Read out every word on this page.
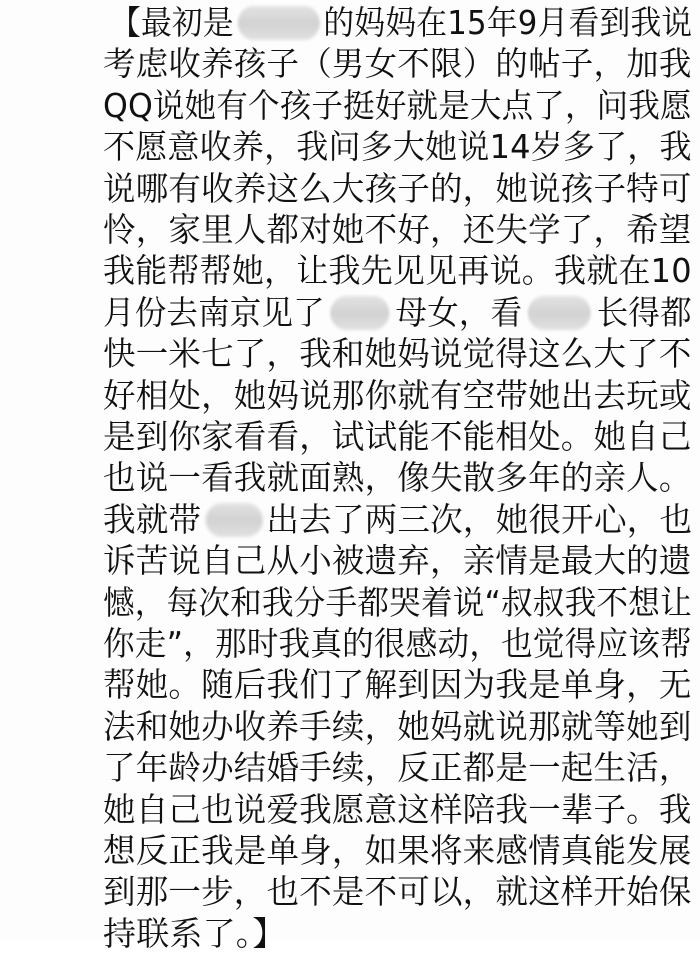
【最初是	的妈妈在15年9月看到我说
考虑收养孩子（男女不限）的帖子，加我
QQ说她有个孩子挺好就是大点了，问我愿
不愿意收养，我问多大她说14岁多了，我
说哪有收养这么大孩子的，她说孩子特可
怜，家里人都对她不好，还失学了，希望
我能帮帮她，让我先见见再说。我就在10
月份去南京见了 母女，看 长得都
快一米七了，我和她妈说觉得这么大了不
好相处，她妈说那你就有空带她出去玩或
是到你家看看，试试能不能相处。她自己
也说一看我就面熟，像失散多年的亲人。
我就带 出去了两三次，她很开心，也
诉苦说自己从小被遗弃，亲情是最大的遗
憾，每次和我分手都哭着说“叔叔我不想让
你走”，那时我真的很感动，也觉得应该帮
帮她。随后我们了解到因为我是单身，无
法和她办收养手续，她妈就说那就等她到
了年龄办结婚手续，反正都是一起生活，
她自己也说爱我愿意这样陪我一辈子。我
想反正我是单身，如果将来感情真能发展
到那一步，也不是不可以，就这样开始保
持联系了。】
